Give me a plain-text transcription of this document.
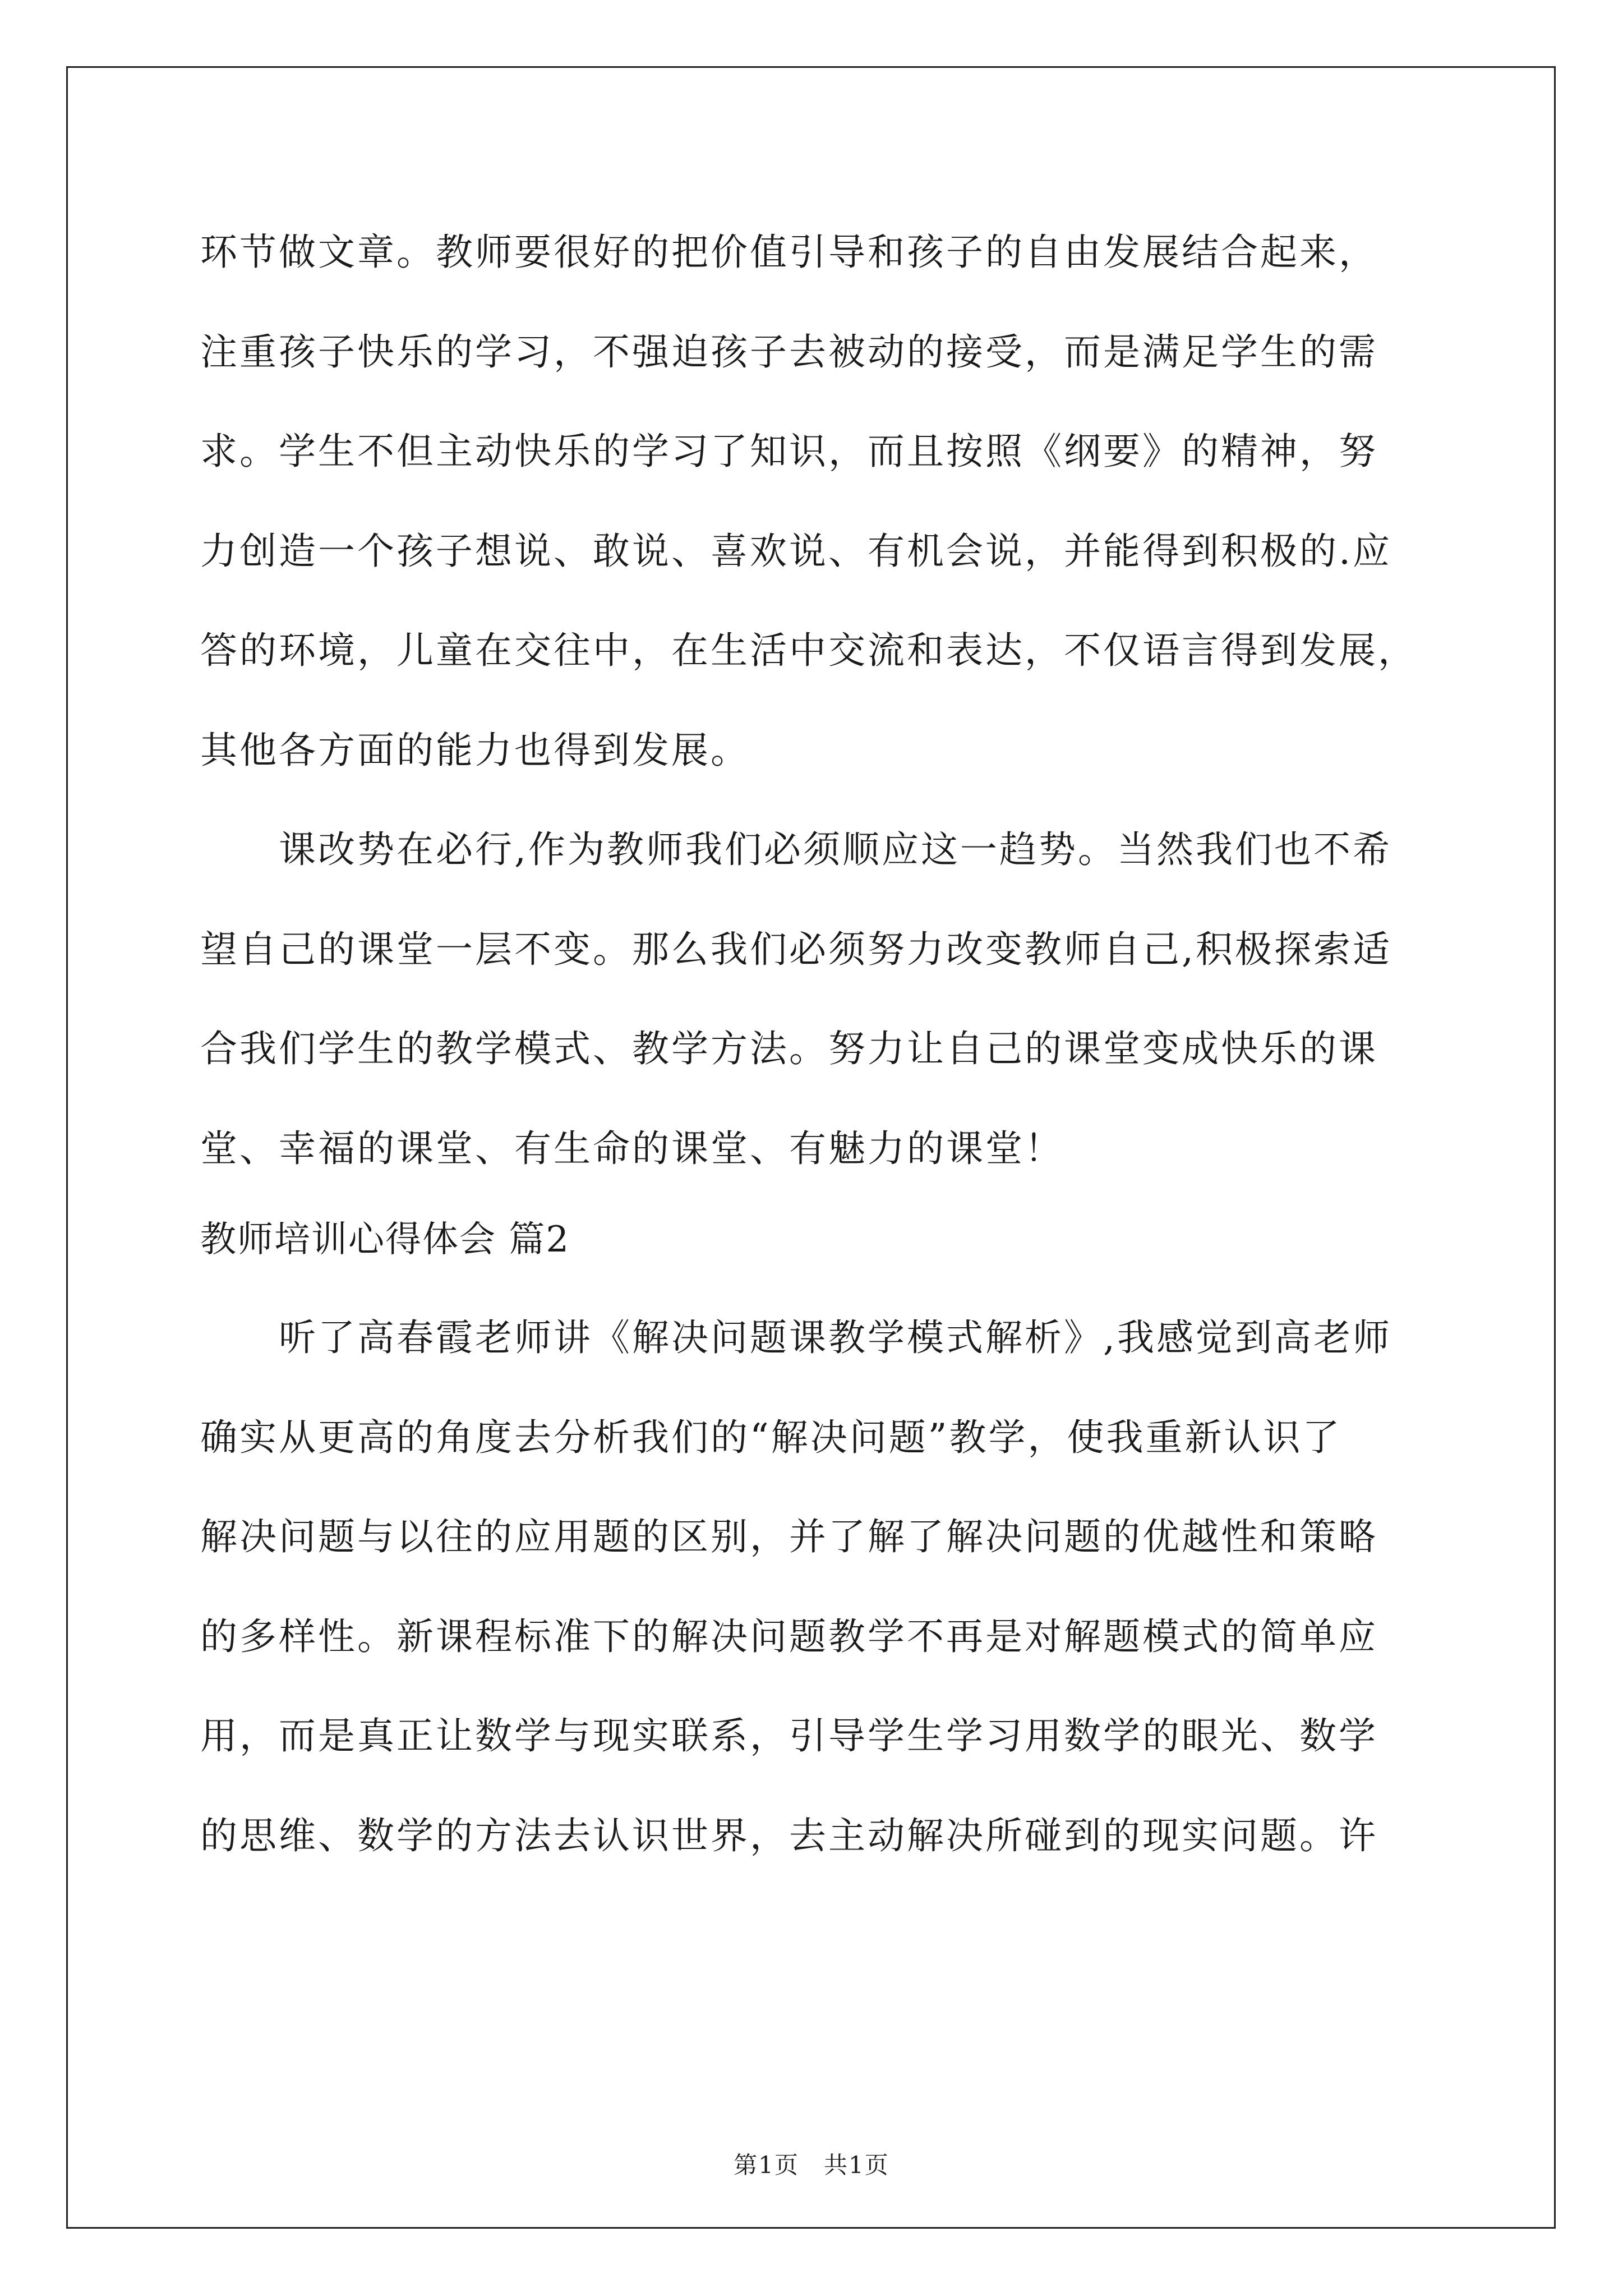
环节做文章。教师要很好的把价值引导和孩子的自由发展结合起来，
注重孩子快乐的学习，不强迫孩子去被动的接受，而是满足学生的需
求。学生不但主动快乐的学习了知识，而且按照《纲要》的精神，努
力创造一个孩子想说、敢说、喜欢说、有机会说，并能得到积极的.应
答的环境，儿童在交往中，在生活中交流和表达，不仅语言得到发展，
其他各方面的能力也得到发展。
　　课改势在必行,作为教师我们必须顺应这一趋势。当然我们也不希
望自己的课堂一层不变。那么我们必须努力改变教师自己,积极探索适
合我们学生的教学模式、教学方法。努力让自己的课堂变成快乐的课
堂、幸福的课堂、有生命的课堂、有魅力的课堂！
教师培训心得体会 篇2
　　听了高春霞老师讲《解决问题课教学模式解析》,我感觉到高老师
确实从更高的角度去分析我们的“解决问题”教学，使我重新认识了
解决问题与以往的应用题的区别，并了解了解决问题的优越性和策略
的多样性。新课程标准下的解决问题教学不再是对解题模式的简单应
用，而是真正让数学与现实联系，引导学生学习用数学的眼光、数学
的思维、数学的方法去认识世界，去主动解决所碰到的现实问题。许
第1页　共1页
